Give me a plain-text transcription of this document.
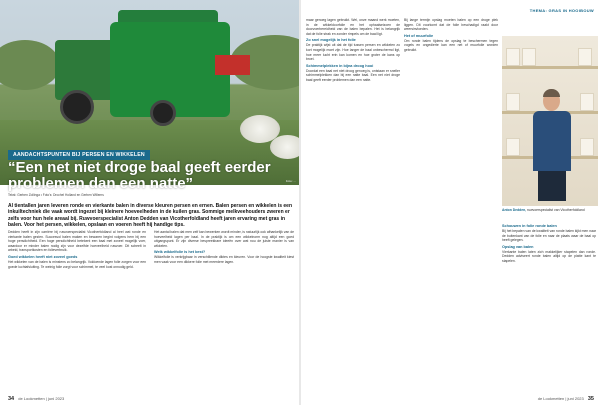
Foto: ...
AANDACHTSPUNTEN BIJ PERSEN EN WIKKELEN
“Een net niet droge baal geeft eerder problemen dan een natte”
Tekst: Gerben Zollinga • Foto's: Drochel Holland en Gerben Willems
Al tientallen jaren leveren ronde en vierkante balen in diverse kleuren persen en ernen. Balen persen en wikkelen is een inkuiltechniek die vaak wordt ingezet bij kleinere hoeveelheden in de kuilen gras. Sommige melkveehouders zweren er zelfs voor hun hele areaal bij. Ruwvoerspecialist Anton Dedden van Vicotherfoldland heeft jaren ervaring met gras in balen. Voor het persen, wikkelen, opslaan en voeren heeft hij handige tips.

Dedden heeft in zijn carrière bij ruwvoerspecialist Vicotherfoldland al heel wat ronde en vierkante balen gezien. Succesvol balen maken en bewaren begint volgens hem bij een hoge persdichtheid. Een hoge persdichtheid betekent een baal met zoveel mogelijk voer, waardoor er minder balen nodig zijn voor dezelfde hoeveelheid ruwvoer. Dit scheelt in arbeid, transportkosten en folieverbruik.

Goed wikkelen heeft niet zoveel goeds

Het wikkelen van de balen is minstens zo belangrijk. Voldoende lagen folie zorgen voor een goede luchtafsluiting. Te weinig folie zorgt voor schimmel, te veel kost onnodig geld.

Het aantal balen dat men zelf kan bewerken wordt minder, is natuurlijk ook afhankelijk van de hoeveelheid lagen per baal. In de praktijk is om een wikkelnorm nog altijd een goed uitgangspunt. Er zijn diverse bespreekbare ideeën over wat nou de juiste manier is van wikkelen.

Welk wikkelfolie is het best?

Wikkelfolie is verkrijgbaar in verschillende diktes en kleuren. Voor de hoogste kwaliteit kiest men vaak voor een dikkere folie met meerdere lagen.

34 de Lookmetten | juni 2023
THEMA: GRAS IN HOOIBOUW

maar genoeg lagen gebruikt. Wel, onze maand werk moeten, in de wikkeldoorfolie en het ophaalseizoen de doorvoerbereidheid van de balen bepalen. Het is belangrijk dat de folie strak en zonder rimpels om de baal ligt.

Zo snel mogelijk in het folie

De praktijk wijst uit dat de tijd tussen persen en wikkelen zo kort mogelijk moet zijn. Hoe langer de baal onbeschermd ligt, hoe meer lucht erin kan komen en hoe groter de kans op broei.

Schimmelplekken in bijna droog hooi

Doordat een baal net niet droog genoeg is, ontstaan er sneller schimmelplekken dan bij een natte baal. Een net niet droge baal geeft eerder problemen dan een natte.

Bij lange termijn opslag moeten balen op een droge plek liggen. Dit voorkomt dat de folie beschadigd raakt door weersinvloeden.

Het of muurfolie

Om ronde balen tijdens de opslag te beschermen tegen vogels en ongedierte kan een net of muurfolie worden gebruikt.

Anton Dedden, ruwvoerspecialist van Vicotherfoldland

Schouwen in folie ronde balen

Bij het bepalen van de kwaliteit van ronde balen kijkt men naar de buitenkant van de folie en naar de plaats waar de baal op heeft gelegen.

Opslag van balen

Vierkante balen laten zich makkelijker stapelen dan ronde. Dedden adviseert ronde balen altijd op de platte kant te stapelen.

de Lookmetten | juni 2023 35
